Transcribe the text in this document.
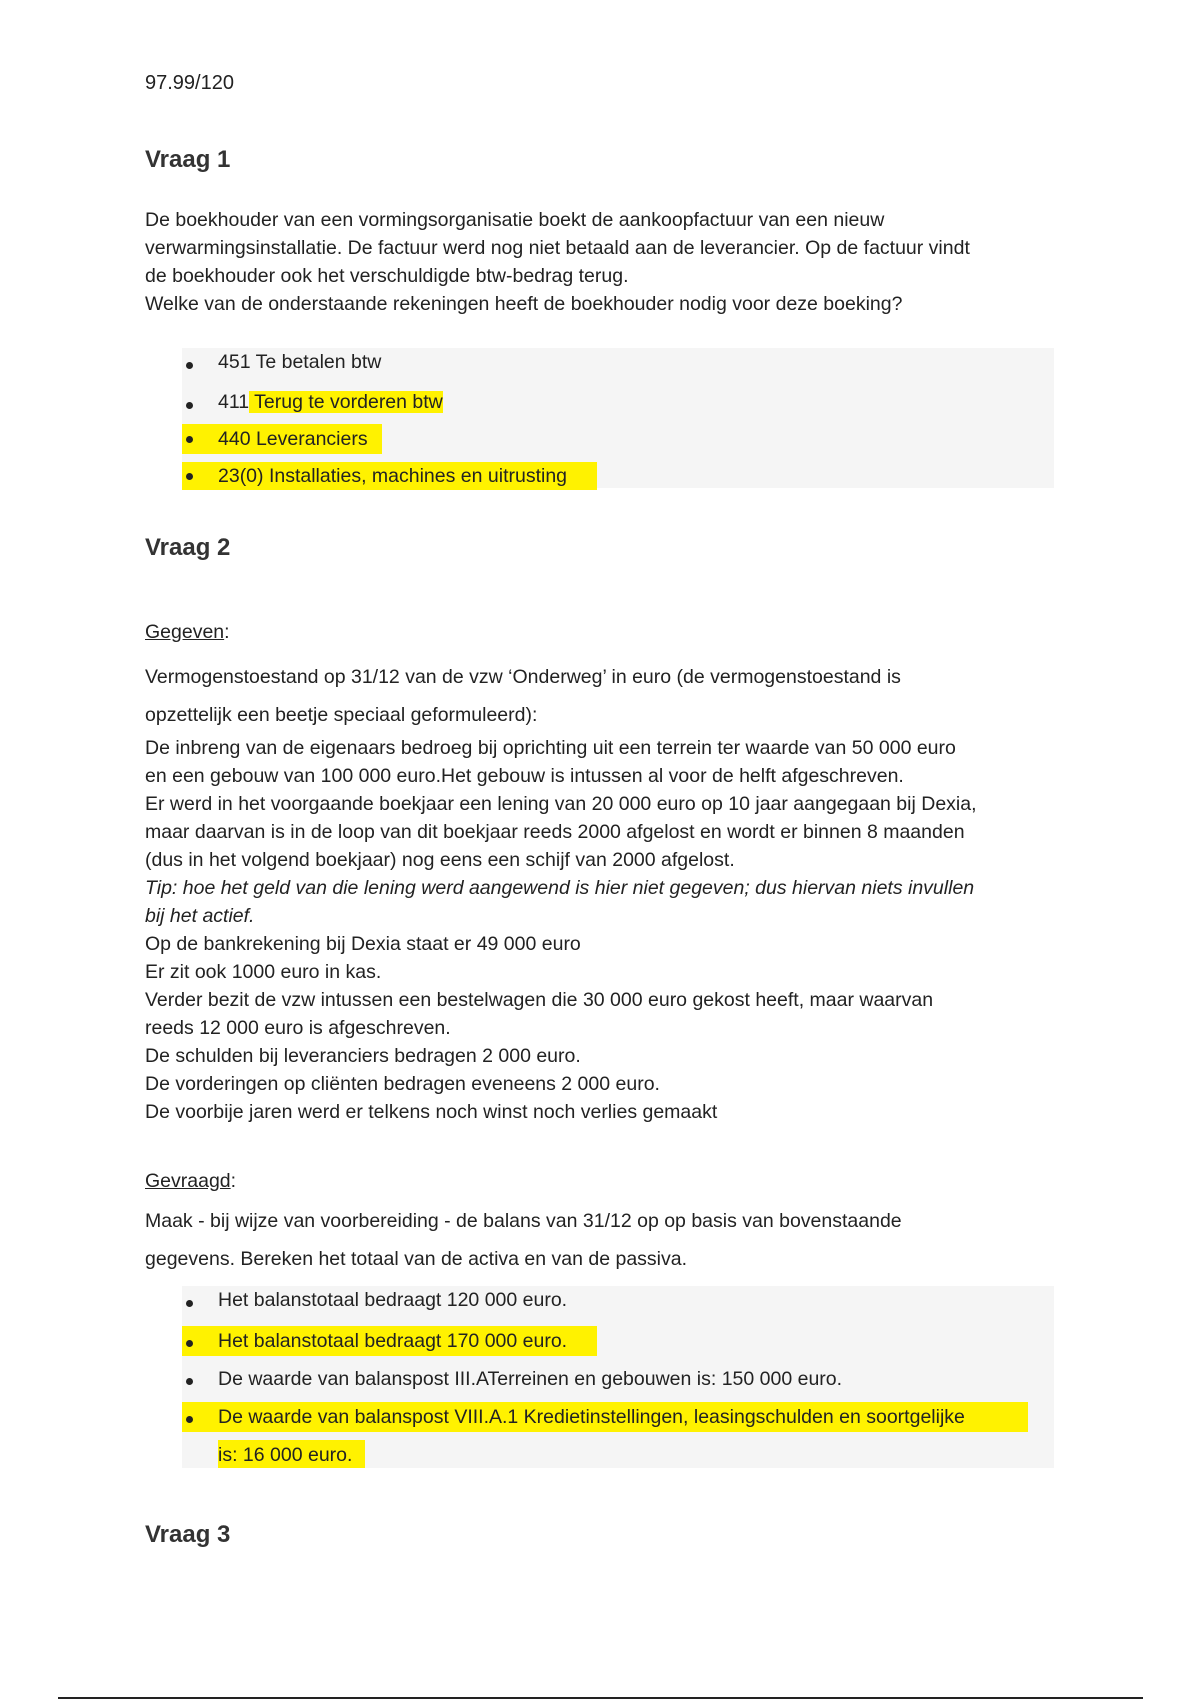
97.99/120
Vraag 1
De boekhouder van een vormingsorganisatie boekt de aankoopfactuur van een nieuw
verwarmingsinstallatie. De factuur werd nog niet betaald aan de leverancier. Op de factuur vindt
de boekhouder ook het verschuldigde btw-bedrag terug.
Welke van de onderstaande rekeningen heeft de boekhouder nodig voor deze boeking?
451 Te betalen btw
411 Terug te vorderen btw
440 Leveranciers
23(0) Installaties, machines en uitrusting
Vraag 2
Gegeven:
Vermogenstoestand op 31/12 van de vzw ‘Onderweg’ in euro (de vermogenstoestand is
opzettelijk een beetje speciaal geformuleerd):
De inbreng van de eigenaars bedroeg bij oprichting uit een terrein ter waarde van 50 000 euro
en een gebouw van 100 000 euro.Het gebouw is intussen al voor de helft afgeschreven.
Er werd in het voorgaande boekjaar een lening van 20 000 euro op 10 jaar aangegaan bij Dexia,
maar daarvan is in de loop van dit boekjaar reeds 2000 afgelost en wordt er binnen 8 maanden
(dus in het volgend boekjaar) nog eens een schijf van 2000 afgelost.
Tip: hoe het geld van die lening werd aangewend is hier niet gegeven; dus hiervan niets invullen
bij het actief.
Op de bankrekening bij Dexia staat er 49 000 euro
Er zit ook 1000 euro in kas.
Verder bezit de vzw intussen een bestelwagen die 30 000 euro gekost heeft, maar waarvan
reeds 12 000 euro is afgeschreven.
De schulden bij leveranciers bedragen 2 000 euro.
De vorderingen op cliënten bedragen eveneens 2 000 euro.
De voorbije jaren werd er telkens noch winst noch verlies gemaakt
Gevraagd:
Maak - bij wijze van voorbereiding - de balans van 31/12 op op basis van bovenstaande
gegevens. Bereken het totaal van de activa en van de passiva.
Het balanstotaal bedraagt 120 000 euro.
Het balanstotaal bedraagt 170 000 euro.
De waarde van balanspost III.ATerreinen en gebouwen is: 150 000 euro.
De waarde van balanspost VIII.A.1 Kredietinstellingen, leasingschulden en soortgelijke
is: 16 000 euro.
Vraag 3
